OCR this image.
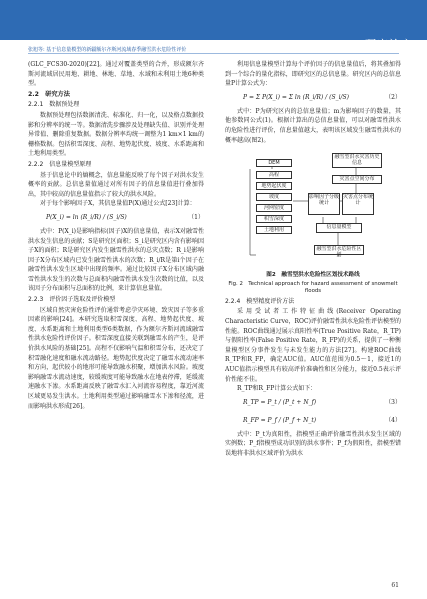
研究论文
张旭等: 基于信息量模型的新疆额尔齐斯河流域春季融雪洪水危险性评价

(GLC_FCS30-2020)[22]。通过对覆盖类型的合并，形成额尔齐斯河流域居民用地、耕地、林地、草地、水域和未利用土地6种类型。

2.2　研究方法
2.2.1　数据预处理

数据预处理包括数据清洗、标准化、归一化，以及格点数据投影和分辨率的统一等。数据清洗步骤涉及处理缺失值、识别并处理异常值、删除重复数据。数据分辨率均统一调整为1 km×1 km的栅格数据。包括积雪深度、高程、地势起伏度、坡度、水系距离和土地利用类型。

2.2.2　信息量模型原理

基于信息论中的熵概念，信息量能反映了每个因子对洪水发生概率的贡献。总信息量值通过对所有因子的信息量值进行叠加得出，其中较高的信息量值指示了较大的洪水风险。

对于每个影响因子X，其信息量值P(X)通过公式[23]计算：

P(X_i) = ln (R_i/R) / (S_i/S)	（1）

式中：P(X_i)是影响指标(因子)X的信息量值，表示X对融雪性洪水发生信息的贡献；S是研究区面积；S_i是研究区内含有影响因子X的面积；R是研究区内发生融雪性洪水的总灾点数；R_i是影响因子X分布区域内已发生融雪性洪水的次数；R_i/R是第i个因子在融雪性洪水发生区域中出现的频率。通过比较因子X分布区域内融雪性洪水发生的次数与总面积内融雪性洪水发生次数的比值，以及该因子分布面积与总面积的比例，来计算信息量值。

2.2.3　评价因子选取及评价模型

区域自然灾害危险性评价通常考虑孕灾环境、致灾因子等多重因素的影响[24]。本研究选取积雪深度、高程、地势起伏度、坡度、水系距离和土地利用类型6类数据，作为额尔齐斯河流域融雪性洪水危险性评价因子。积雪深度直接关联到融雪水的产生，是评价洪水风险的基础[25]。高程不仅影响气温和积雪分布，还决定了积雪融化速度和融水流动路径。地势起伏度决定了融雪水流动速率和方向，起伏较小的地形可能导致融水积聚，增加洪水风险。坡度影响融雪水流动速度，较缓坡度可能导致融水在地表停滞，延缓流速融水下渗。水系距离反映了融雪水汇入河流容易程度，靠近河流区域更易发生洪水。土地利用类型通过影响融雪水下渗和径流，进而影响洪水形成[26]。

利用信息量模型计算每个评价因子的信息量值后，将其叠加得到一个综合的量化指标，即研究区的总信息量。研究区内的总信息量P计算公式为：

P = Σ P(X_i) = Σ ln (R_i/R) / (S_i/S)	（2）

式中：P为研究区内的总信息量值；m为影响因子的数量，其他参数同公式(1)。根据计算出的总信息量值，可以对融雪性洪水的危险性进行评价，信息量值越大，表明该区域发生融雪性洪水的概率越高(图2)。

融雪型洪水灾害历史信息
灾害点空间分布
DEM
高程
地势起伏度
坡度
河网密度
积雪深度
土地利用
影响因子分级统计
灾害点分布统计
信息量模型
融雪型洪水危险性区划
图2　融雪型洪水危险性区划技术路线
Fig. 2　Technical approach for hazard assessment of snowmelt floods
2.2.4　模型精度评价方法

采用受试者工作特征曲线(Receiver Operating Characteristic Curve，ROC)评价融雪性洪水危险性评估模型的性能。ROC曲线通过展示真阳性率(True Positive Rate，R_TP)与假阳性率(False Positive Rate，R_FP)的关系，提供了一种衡量模型区分事件发生与未发生能力的方法[27]。构建ROC曲线R_TP和R_FP，确定AUC值。AUC值范围为0.5～1，接近1的AUC值指示模型具有较高评价准确性和区分能力，接近0.5表示评价性能不佳。

R_TP和R_FP计算公式如下：

R_TP = P_t / (P_t + N_f)	（3）
R_FP = P_f / (P_f + N_t)	（4）

式中：P_t为真阳性，指模型正确评价融雪性洪水发生区域的实例数；P_f指模型成功识别的洪水事件；P_f为假阳性，指模型错误地将非洪水区域评价为洪水

61
